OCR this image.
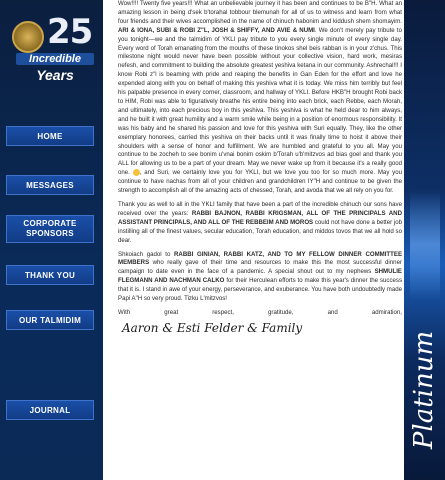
25
Incredible
Years
HOME
MESSAGES
CORPORATE
SPONSORS
THANK YOU
OUR TALMIDIM
JOURNAL

Wow!!!! Twenty five years!!! What an unbelievable journey it has been and continues to be B"H. What an amazing lesson in being d'sek b'torahal tobbour blemunah for all of us to witness and learn from what four friends and their wives accomplished in the name of chinuch habonim and kiddush shem shomayim. ARI & IONA, SUBI & ROBI Z"L, JOSH & SHIFFY, AND AVIE & NUMI. We don't merely pay tribute to you tonight—we and the talmidim of YKLI pay tribute to you every single minute of every single day. Every word of Torah emanating from the mouths of these tinokos shel beis rabban is in your z'chus. This milestone night would never have been possible without your collective vision, hard work, mesiras nefesh, and commitment to building the absolute greatest yeshiva ketana in our community. Ashrechal!!! I know Robi z"l is beaming with pride and reaping the benefits in Gan Eden for the effort and love he expended along with you on behalf of making this yeshiva what it is today. We miss him terribly but feel his palpable presence in every corner, classroom, and hallway of YKLI. Before HKB"H brought Robi back to HIM, Robi was able to figuratively breathe his entire being into each brick, each Rebbe, each Morah, and ultimately, into each precious boy in this yeshiva. This yeshiva is what he held dear to him always, and he built it with great humility and a warm smile while being in a position of enormous responsibility. It was his baby and he shared his passion and love for this yeshiva with Suri equally. They, like the other exemplary honorees, carried this yeshiva on their backs until it was finally time to hoist it above their shoulders with a sense of honor and fulfillment. We are humbled and grateful to you all. May you continue to be zocheh to see bonim u'vnai bonim oskim b'Torah u'b'mitzvos ad bias goel and thank you ALL for allowing us to be a part of your dream. May we never wake up from it because it's a really good one. , and Suri, we certainly love you for YKLI, but we love you too for so much more. May you continue to have nachas from all of your children and grandchildren IY"H and continue to be given the strength to accomplish all of the amazing acts of chessed, Torah, and avoda that we all rely on you for.

Thank you as well to all in the YKLI family that have been a part of the incredible chinuch our sons have received over the years: RABBI BAJNON, RABBI KRIGSMAN, ALL OF THE PRINCIPALS AND ASSISTANT PRINCIPALS, AND ALL OF THE REBBEIM AND MOROS could not have done a better job instilling all of the finest values, secular education, Torah education, and middos tovos that we all hold so dear.

Shkoiach gadol to RABBI GINIAN, RABBI KATZ, AND TO MY FELLOW DINNER COMMITTEE MEMBERS who really gave of their time and resources to make this the most successful dinner campaign to date even in the face of a pandemic. A special shout out to my nephews SHMULIE FLEGMANN AND NACHMAN CALKO for their Herculean efforts to make this year's dinner the success that it is. I stand in awe of your energy, perseverance, and exuberance. You have both undoubtedly made Papi A"H so very proud. Tizku L'mitzvos!

With	great	respect,	gratitude,	and	admiration,
Aaron & Esti Felder & Family
Platinum
